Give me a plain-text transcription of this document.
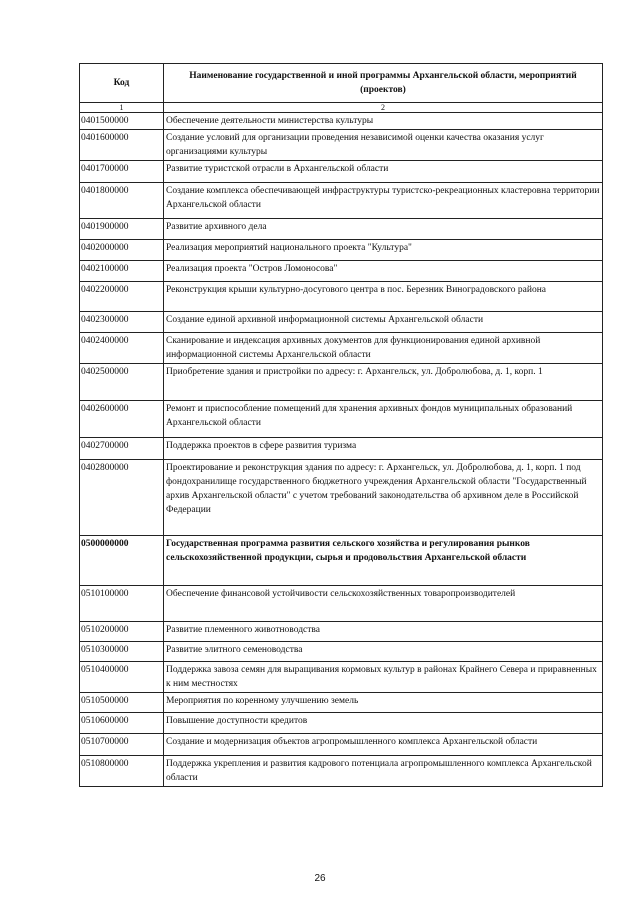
Код	Наименование государственной и иной программы Архангельской области, мероприятий (проектов)
1	2
0401500000	Обеспечение деятельности министерства культуры
0401600000	Создание условий для организации проведения независимой оценки качества оказания услуг организациями культуры
0401700000	Развитие туристской отрасли в Архангельской области
0401800000	Создание комплекса обеспечивающей инфраструктуры туристско-рекреационных кластеровна территории Архангельской области
0401900000	Развитие архивного дела
0402000000	Реализация мероприятий национального проекта "Культура"
0402100000	Реализация проекта "Остров Ломоносова"
0402200000	Реконструкция крыши культурно-досугового центра в пос. Березник Виноградовского района
0402300000	Создание единой архивной информационной системы Архангельской области
0402400000	Сканирование и индексация архивных документов для функционирования единой архивной информационной системы Архангельской области
0402500000	Приобретение здания и пристройки по адресу: г. Архангельск, ул. Добролюбова, д. 1, корп. 1
0402600000	Ремонт и приспособление помещений для хранения архивных фондов муниципальных образований Архангельской области
0402700000	Поддержка проектов в сфере развития туризма
0402800000	Проектирование и реконструкция здания по адресу: г. Архангельск, ул. Добролюбова, д. 1, корп. 1 под фондохранилище государственного бюджетного учреждения Архангельской области "Государственный архив Архангельской области" с учетом требований законодательства об архивном деле в Российской Федерации
0500000000	Государственная программа развития сельского хозяйства и регулирования рынков сельскохозяйственной продукции, сырья и продовольствия Архангельской области
0510100000	Обеспечение финансовой устойчивости сельскохозяйственных товаропроизводителей
0510200000	Развитие племенного животноводства
0510300000	Развитие элитного семеноводства
0510400000	Поддержка завоза семян для выращивания кормовых культур в районах Крайнего Севера и приравненных к ним местностях
0510500000	Мероприятия по коренному улучшению земель
0510600000	Повышение доступности кредитов
0510700000	Создание и модернизация объектов агропромышленного комплекса Архангельской области
0510800000	Поддержка укрепления и развития кадрового потенциала агропромышленного комплекса Архангельской области
26
